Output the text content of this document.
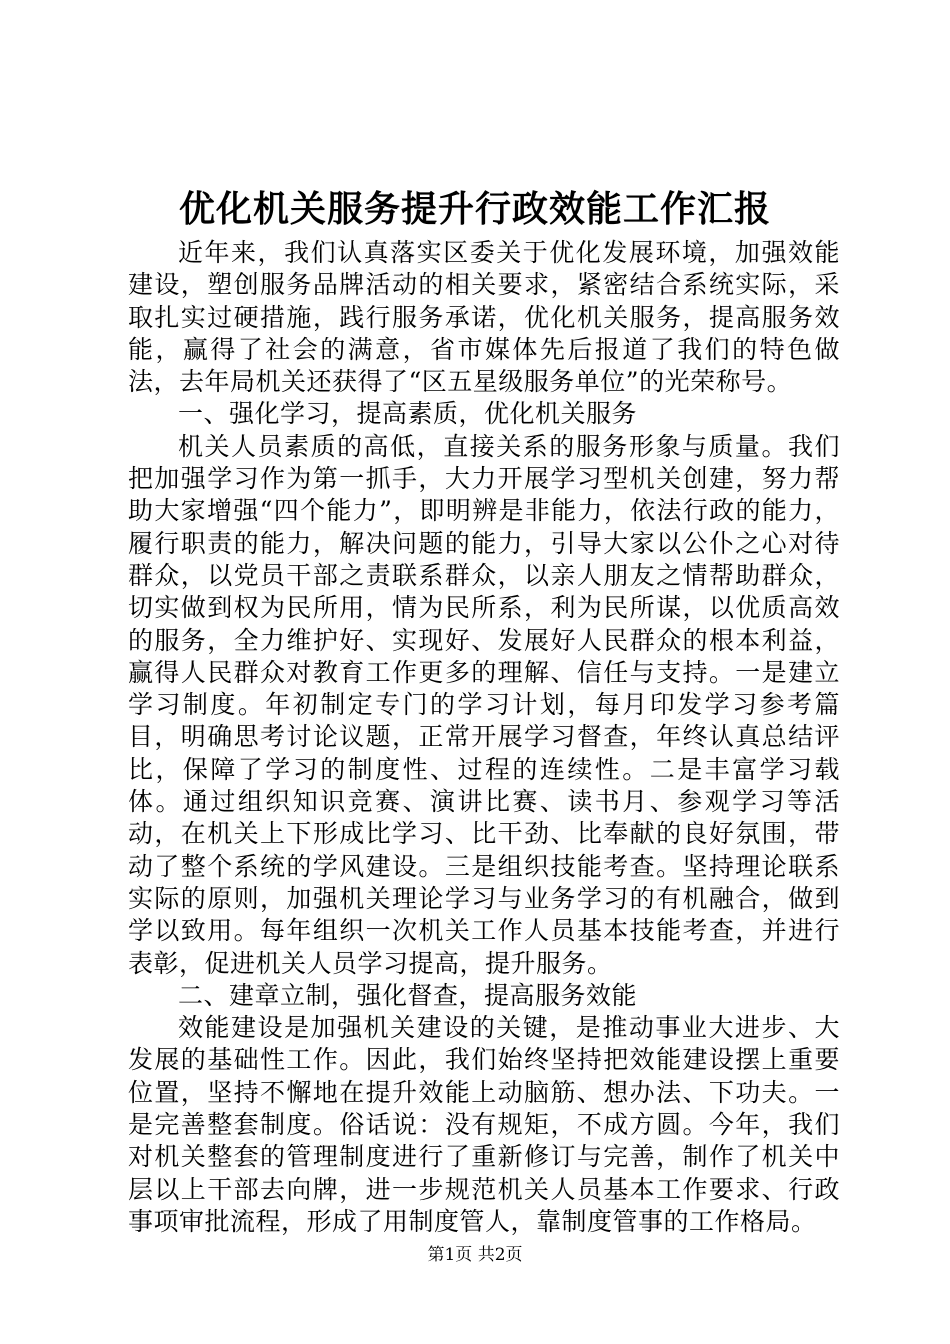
优化机关服务提升行政效能工作汇报

近年来，我们认真落实区委关于优化发展环境，加强效能建设，塑创服务品牌活动的相关要求，紧密结合系统实际，采取扎实过硬措施，践行服务承诺，优化机关服务，提高服务效能，赢得了社会的满意，省市媒体先后报道了我们的特色做法，去年局机关还获得了“区五星级服务单位”的光荣称号。

一、强化学习，提高素质，优化机关服务

机关人员素质的高低，直接关系的服务形象与质量。我们把加强学习作为第一抓手，大力开展学习型机关创建，努力帮助大家增强“四个能力”，即明辨是非能力，依法行政的能力，履行职责的能力，解决问题的能力，引导大家以公仆之心对待群众，以党员干部之责联系群众，以亲人朋友之情帮助群众，切实做到权为民所用，情为民所系，利为民所谋，以优质高效的服务，全力维护好、实现好、发展好人民群众的根本利益，赢得人民群众对教育工作更多的理解、信任与支持。一是建立学习制度。年初制定专门的学习计划，每月印发学习参考篇目，明确思考讨论议题，正常开展学习督查，年终认真总结评比，保障了学习的制度性、过程的连续性。二是丰富学习载体。通过组织知识竞赛、演讲比赛、读书月、参观学习等活动，在机关上下形成比学习、比干劲、比奉献的良好氛围，带动了整个系统的学风建设。三是组织技能考查。坚持理论联系实际的原则，加强机关理论学习与业务学习的有机融合，做到学以致用。每年组织一次机关工作人员基本技能考查，并进行表彰，促进机关人员学习提高，提升服务。

二、建章立制，强化督查，提高服务效能

效能建设是加强机关建设的关键，是推动事业大进步、大发展的基础性工作。因此，我们始终坚持把效能建设摆上重要位置，坚持不懈地在提升效能上动脑筋、想办法、下功夫。一是完善整套制度。俗话说：没有规矩，不成方圆。今年，我们对机关整套的管理制度进行了重新修订与完善，制作了机关中层以上干部去向牌，进一步规范机关人员基本工作要求、行政事项审批流程，形成了用制度管人，靠制度管事的工作格局。

第1页 共2页
